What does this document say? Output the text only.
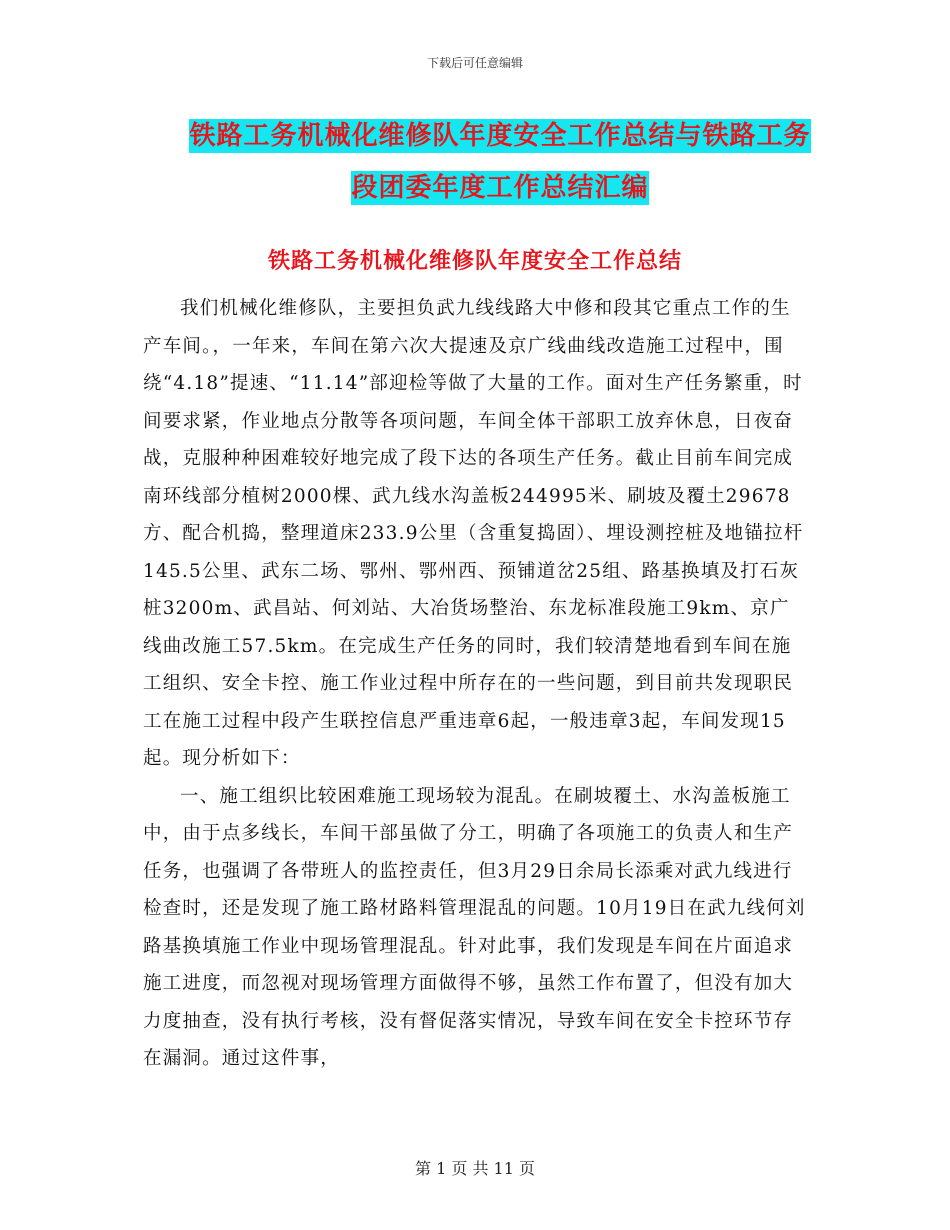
下载后可任意编辑
铁路工务机械化维修队年度安全工作总结与铁路工务
段团委年度工作总结汇编
铁路工务机械化维修队年度安全工作总结

我们机械化维修队，主要担负武九线线路大中修和段其它重点工作的生产车间。，一年来，车间在第六次大提速及京广线曲线改造施工过程中，围绕“4.18”提速、“11.14”部迎检等做了大量的工作。面对生产任务繁重，时间要求紧，作业地点分散等各项问题，车间全体干部职工放弃休息，日夜奋战，克服种种困难较好地完成了段下达的各项生产任务。截止目前车间完成南环线部分植树2000棵、武九线水沟盖板244995米、刷坡及覆土29678方、配合机捣，整理道床233.9公里（含重复捣固）、埋设测控桩及地锚拉杆145.5公里、武东二场、鄂州、鄂州西、预铺道岔25组、路基换填及打石灰桩3200m、武昌站、何刘站、大冶货场整治、东龙标准段施工9km、京广线曲改施工57.5km。在完成生产任务的同时，我们较清楚地看到车间在施工组织、安全卡控、施工作业过程中所存在的一些问题，到目前共发现职民工在施工过程中段产生联控信息严重违章6起，一般违章3起，车间发现15起。现分析如下：

一、施工组织比较困难施工现场较为混乱。在刷坡覆土、水沟盖板施工中，由于点多线长，车间干部虽做了分工，明确了各项施工的负责人和生产任务，也强调了各带班人的监控责任，但3月29日余局长添乘对武九线进行检查时，还是发现了施工路材路料管理混乱的问题。10月19日在武九线何刘路基换填施工作业中现场管理混乱。针对此事，我们发现是车间在片面追求施工进度，而忽视对现场管理方面做得不够，虽然工作布置了，但没有加大力度抽查，没有执行考核，没有督促落实情况，导致车间在安全卡控环节存在漏洞。通过这件事，

第 1 页 共 11 页
